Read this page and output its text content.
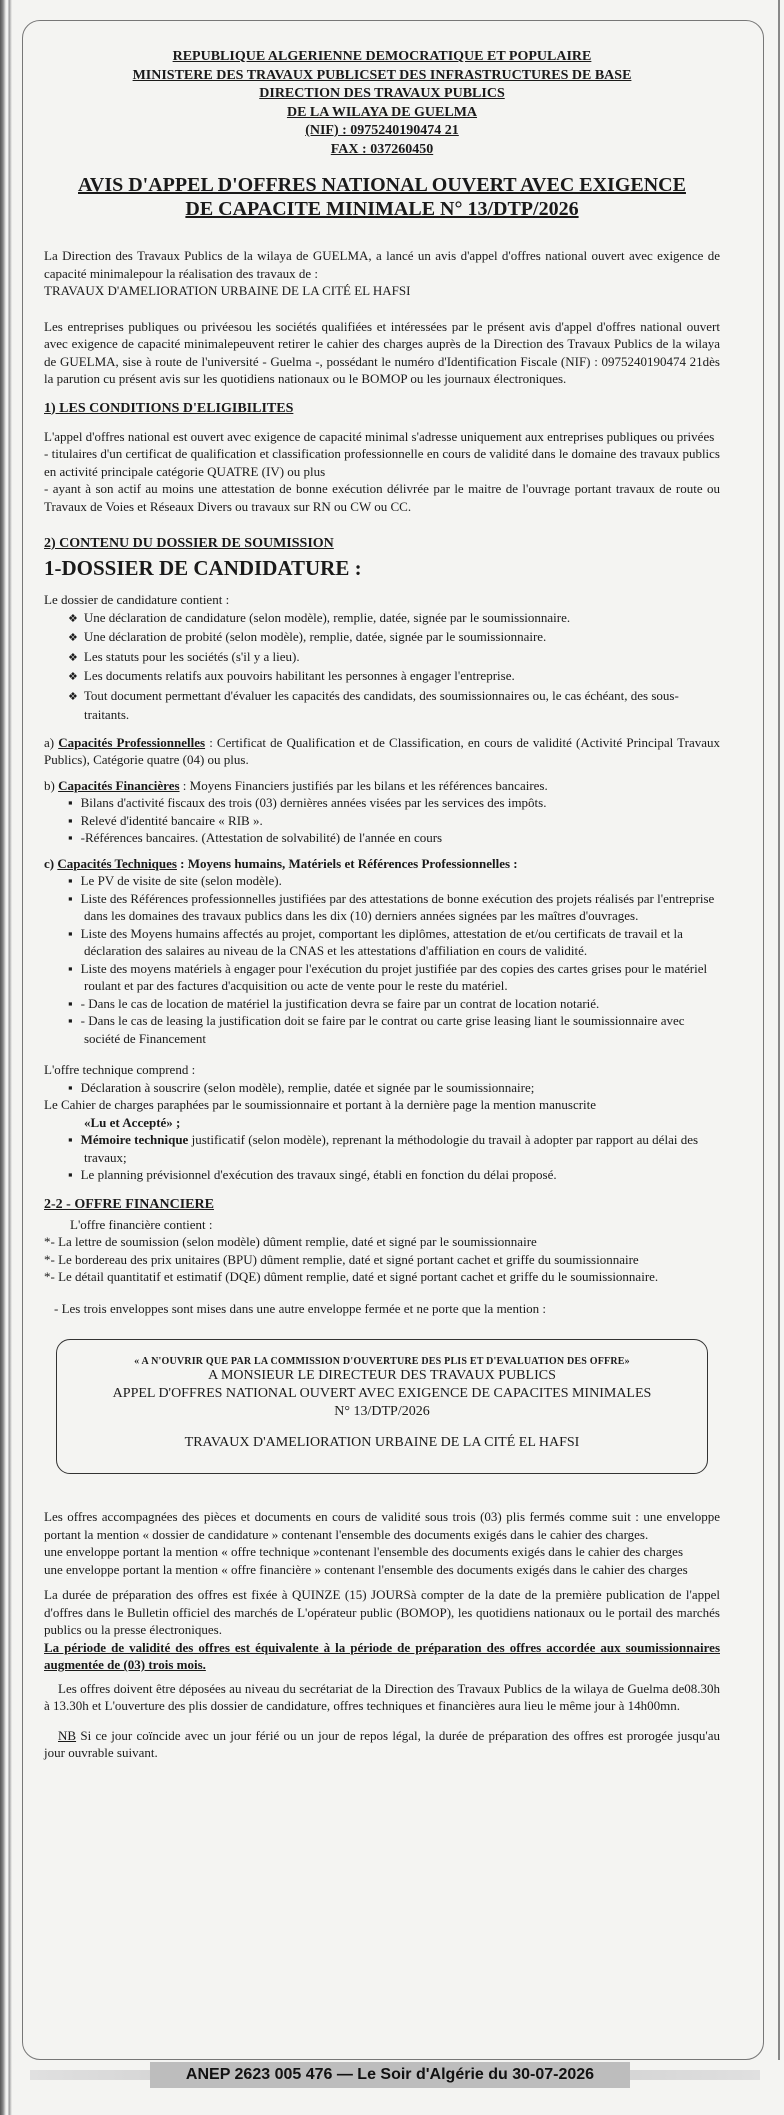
REPUBLIQUE ALGERIENNE DEMOCRATIQUE ET POPULAIRE
MINISTERE DES TRAVAUX PUBLICSET DES INFRASTRUCTURES DE BASE
DIRECTION DES TRAVAUX PUBLICS
DE LA WILAYA DE GUELMA
(NIF) : 0975240190474 21
FAX : 037260450
AVIS D'APPEL D'OFFRES NATIONAL OUVERT AVEC EXIGENCE
DE CAPACITE MINIMALE N° 13/DTP/2026

La Direction des Travaux Publics de la wilaya de GUELMA, a lancé un avis d'appel d'offres national ouvert avec exigence de capacité minimalepour la réalisation des travaux de :

TRAVAUX D'AMELIORATION URBAINE DE LA CITÉ EL HAFSI

Les entreprises publiques ou privéesou les sociétés qualifiées et intéressées par le présent avis d'appel d'offres national ouvert avec exigence de capacité minimalepeuvent retirer le cahier des charges auprès de la Direction des Travaux Publics de la wilaya de GUELMA, sise à route de l'université - Guelma -, possédant le numéro d'Identification Fiscale (NIF) : 0975240190474 21dès la parution cu présent avis sur les quotidiens nationaux ou le BOMOP ou les journaux électroniques.

1) LES CONDITIONS D'ELIGIBILITES

L'appel d'offres national est ouvert avec exigence de capacité minimal s'adresse uniquement aux entreprises publiques ou privées

- titulaires d'un certificat de qualification et classification professionnelle en cours de validité dans le domaine des travaux publics en activité principale catégorie QUATRE (IV) ou plus

- ayant à son actif au moins une attestation de bonne exécution délivrée par le maitre de l'ouvrage portant travaux de route ou Travaux de Voies et Réseaux Divers ou travaux sur RN ou CW ou CC.

2) CONTENU DU DOSSIER DE SOUMISSION
1-DOSSIER DE CANDIDATURE :

Le dossier de candidature contient :

❖ Une déclaration de candidature (selon modèle), remplie, datée, signée par le soumissionnaire.
❖ Une déclaration de probité (selon modèle), remplie, datée, signée par le soumissionnaire.
❖ Les statuts pour les sociétés (s'il y a lieu).
❖ Les documents relatifs aux pouvoirs habilitant les personnes à engager l'entreprise.
❖ Tout document permettant d'évaluer les capacités des candidats, des soumissionnaires ou, le cas échéant, des sous-traitants.

a) Capacités Professionnelles : Certificat de Qualification et de Classification, en cours de validité (Activité Principal Travaux Publics), Catégorie quatre (04) ou plus.

b) Capacités Financières : Moyens Financiers justifiés par les bilans et les références bancaires.

▪ Bilans d'activité fiscaux des trois (03) dernières années visées par les services des impôts.
▪ Relevé d'identité bancaire « RIB ».
▪ -Références bancaires. (Attestation de solvabilité) de l'année en cours

c) Capacités Techniques : Moyens humains, Matériels et Références Professionnelles :

▪ Le PV de visite de site (selon modèle).
▪ Liste des Références professionnelles justifiées par des attestations de bonne exécution des projets réalisés par l'entreprise dans les domaines des travaux publics dans les dix (10) derniers années signées par les maîtres d'ouvrages.
▪ Liste des Moyens humains affectés au projet, comportant les diplômes, attestation de et/ou certificats de travail et la déclaration des salaires au niveau de la CNAS et les attestations d'affiliation en cours de validité.
▪ Liste des moyens matériels à engager pour l'exécution du projet justifiée par des copies des cartes grises pour le matériel roulant et par des factures d'acquisition ou acte de vente pour le reste du matériel.
▪ - Dans le cas de location de matériel la justification devra se faire par un contrat de location notarié.
▪ - Dans le cas de leasing la justification doit se faire par le contrat ou carte grise leasing liant le soumissionnaire avec société de Financement

L'offre technique comprend :

▪ Déclaration à souscrire (selon modèle), remplie, datée et signée par le soumissionnaire;

Le Cahier de charges paraphées par le soumissionnaire et portant à la dernière page la mention manuscrite

«Lu et Accepté» ;

▪ Mémoire technique justificatif (selon modèle), reprenant la méthodologie du travail à adopter par rapport au délai des travaux;
▪ Le planning prévisionnel d'exécution des travaux singé, établi en fonction du délai proposé.
2-2 - OFFRE FINANCIERE

L'offre financière contient :

*- La lettre de soumission (selon modèle) dûment remplie, daté et signé par le soumissionnaire

*- Le bordereau des prix unitaires (BPU) dûment remplie, daté et signé portant cachet et griffe du soumissionnaire

*- Le détail quantitatif et estimatif (DQE) dûment remplie, daté et signé portant cachet et griffe du le soumissionnaire.

- Les trois enveloppes sont mises dans une autre enveloppe fermée et ne porte que la mention :

« A N'OUVRIR QUE PAR LA COMMISSION D'OUVERTURE DES PLIS ET D'EVALUATION DES OFFRE»
A MONSIEUR LE DIRECTEUR DES TRAVAUX PUBLICS
APPEL D'OFFRES NATIONAL OUVERT AVEC EXIGENCE DE CAPACITES MINIMALES
N° 13/DTP/2026
TRAVAUX D'AMELIORATION URBAINE DE LA CITÉ EL HAFSI

Les offres accompagnées des pièces et documents en cours de validité sous trois (03) plis fermés comme suit : une enveloppe portant la mention « dossier de candidature » contenant l'ensemble des documents exigés dans le cahier des charges.

une enveloppe portant la mention « offre technique »contenant l'ensemble des documents exigés dans le cahier des charges

une enveloppe portant la mention « offre financière » contenant l'ensemble des documents exigés dans le cahier des charges

La durée de préparation des offres est fixée à QUINZE (15) JOURSà compter de la date de la première publication de l'appel d'offres dans le Bulletin officiel des marchés de L'opérateur public (BOMOP), les quotidiens nationaux ou le portail des marchés publics ou la presse électroniques.

La période de validité des offres est équivalente à la période de préparation des offres accordée aux soumissionnaires augmentée de (03) trois mois.

Les offres doivent être déposées au niveau du secrétariat de la Direction des Travaux Publics de la wilaya de Guelma de08.30h à 13.30h et L'ouverture des plis dossier de candidature, offres techniques et financières aura lieu le même jour à 14h00mn.

NB Si ce jour coïncide avec un jour férié ou un jour de repos légal, la durée de préparation des offres est prorogée jusqu'au jour ouvrable suivant.

ANEP 2623 005 476 — Le Soir d'Algérie du 30-07-2026
